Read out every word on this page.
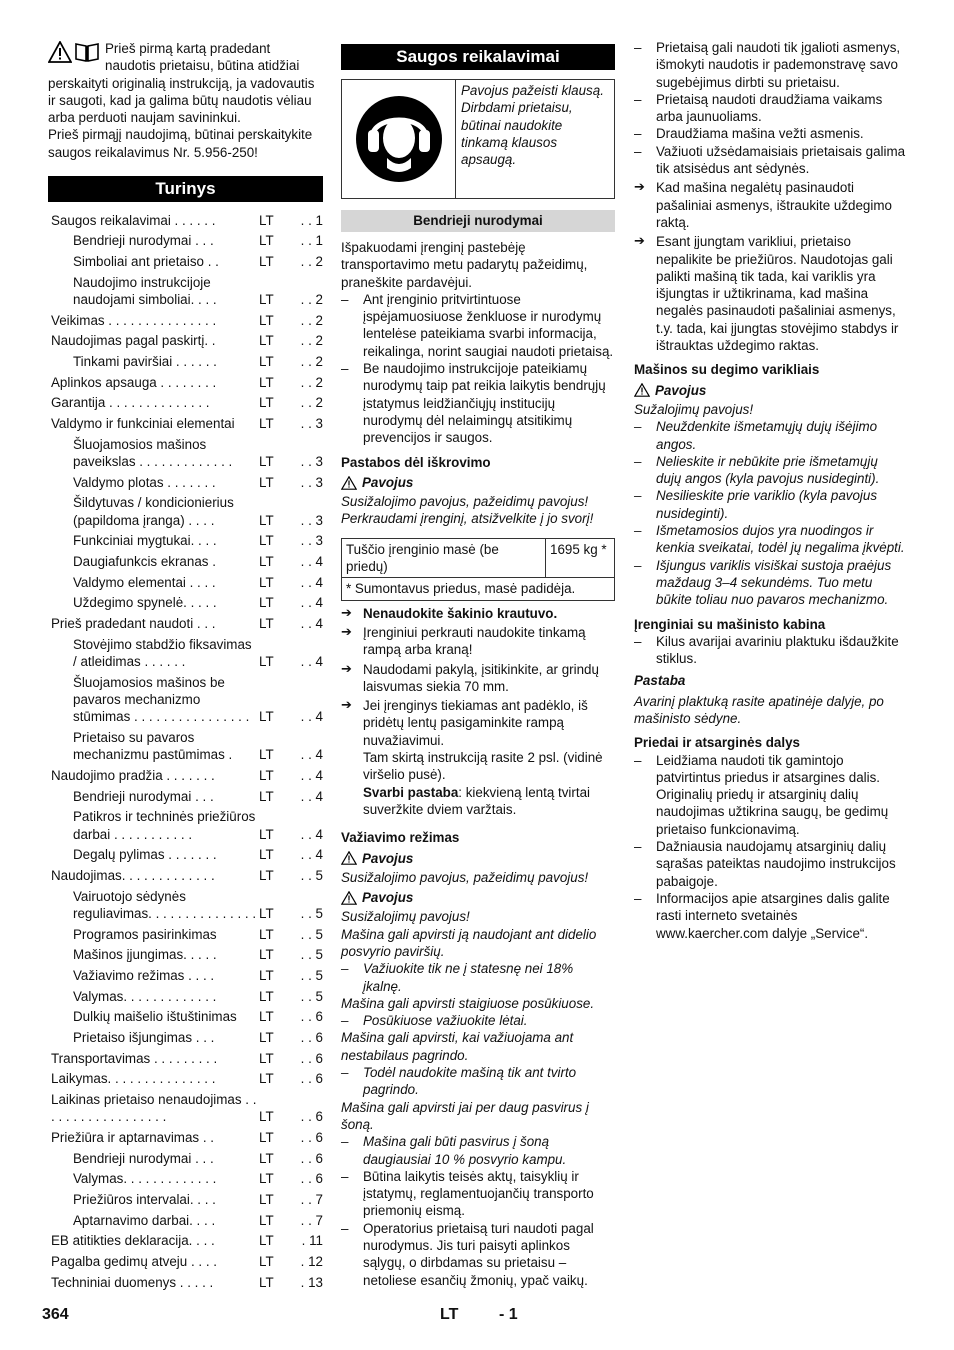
Prieš pirmą kartą pradedant naudotis prietaisu, būtina atidžiai perskaityti originalią instrukciją, ja vadovautis ir saugoti, kad ja galima būtų naudotis vėliau arba perduoti naujam savininkui.

Prieš pirmąjį naudojimą, būtinai perskaitykite saugos reikalavimus Nr. 5.956-250!

Turinys
Saugos reikalavimai . . . . . .	LT	. . 1
Bendrieji nurodymai . . .	LT	. . 1
Simboliai ant prietaiso . .	LT	. . 2
Naudojimo instrukcijoje naudojami simboliai. . . .	LT	. . 2
Veikimas . . . . . . . . . . . . . . .	LT	. . 2
Naudojimas pagal paskirtį. .	LT	. . 2
Tinkami paviršiai . . . . . .	LT	. . 2
Aplinkos apsauga . . . . . . . .	LT	. . 2
Garantija . . . . . . . . . . . . . .	LT	. . 2
Valdymo ir funkciniai elementai	LT	. . 3
Šluojamosios mašinos paveikslas . . . . . . . . . . . . .	LT	. . 3
Valdymo plotas . . . . . . .	LT	. . 3
Šildytuvas / kondicionierius (papildoma įranga) . . . .	LT	. . 3
Funkciniai mygtukai. . . .	LT	. . 3
Daugiafunkcis ekranas .	LT	. . 4
Valdymo elementai . . . .	LT	. . 4
Uždegimo spynelė. . . . .	LT	. . 4
Prieš pradedant naudoti . . .	LT	. . 4
Stovėjimo stabdžio fiksavimas / atleidimas . . . . . .	LT	. . 4
Šluojamosios mašinos be pavaros mechanizmo stūmimas . . . . . . . . . . . . . . . . LT	. . 4
Prietaiso su pavaros mechanizmu pastūmimas .	LT	. . 4
Naudojimo pradžia . . . . . . .	LT	. . 4
Bendrieji nurodymai . . .	LT	. . 4
Patikros ir techninės priežiūros darbai . . . . . . . . . . .	LT	. . 4
Degalų pylimas . . . . . . .	LT	. . 4
Naudojimas. . . . . . . . . . . . .	LT	. . 5
Vairuotojo sėdynės reguliavimas. . . . . . . . . . . . . . . LT	. . 5
Programos pasirinkimas	LT	. . 5
Mašinos įjungimas. . . . .	LT	. . 5
Važiavimo režimas . . . .	LT	. . 5
Valymas. . . . . . . . . . . . .	LT	. . 5
Dulkių maišelio ištuštinimas	LT	. . 6
Prietaiso išjungimas . . .	LT	. . 6
Transportavimas . . . . . . . . .	LT	. . 6
Laikymas. . . . . . . . . . . . . . .	LT	. . 6
Laikinas prietaiso nenaudojimas . . . . . . . . . . . . . . . . . .	LT	. . 6
Priežiūra ir aptarnavimas . .	LT	. . 6
Bendrieji nurodymai . . .	LT	. . 6
Valymas. . . . . . . . . . . . .	LT	. . 6
Priežiūros intervalai. . . .	LT	. . 7
Aptarnavimo darbai. . . .	LT	. . 7
EB atitikties deklaracija. . . .	LT	. 11
Pagalba gedimų atveju . . . .	LT	. 12
Techniniai duomenys . . . . .	LT	. 13
Saugos reikalavimai
Pavojus pažeisti klausą. Dirbdami prietaisu, būtinai naudokite tinkamą klausos apsaugą.
Bendrieji nurodymai

Išpakuodami įrenginį pastebėję transportavimo metu padarytų pažeidimų, praneškite pardavėjui.

– Ant įrenginio pritvirtintuose įspėjamuosiuose ženkluose ir nurodymų lentelėse pateikiama svarbi informacija, reikalinga, norint saugiai naudoti prietaisą.
– Be naudojimo instrukcijoje pateikiamų nurodymų taip pat reikia laikytis bendrųjų įstatymus leidžiančiųjų institucijų nurodymų dėl nelaimingų atsitikimų prevencijos ir saugos.

Pastabos dėl iškrovimo

Pavojus

Susižalojimo pavojus, pažeidimų pavojus! Perkraudami įrenginį, atsižvelkite į jo svorį!

Tuščio įrenginio masė (be priedų)	1695 kg *
* Sumontavus priedus, masė padidėja.
➔ Nenaudokite šakinio krautuvo.
➔ Įrenginiui perkrauti naudokite tinkamą rampą arba kraną!
➔ Naudodami pakylą, įsitikinkite, ar grindų laisvumas siekia 70 mm.
➔ Jei įrenginys tiekiamas ant padėklo, iš pridėtų lentų pasigaminkite rampą nuvažiavimui.

Tam skirtą instrukciją rasite 2 psl. (vidinė viršelio pusė).

Svarbi pastaba: kiekvieną lentą tvirtai suveržkite dviem varžtais.

Važiavimo režimas

Pavojus

Susižalojimo pavojus, pažeidimų pavojus!

Pavojus

Susižalojimų pavojus!

Mašina gali apvirsti ją naudojant ant didelio posvyrio paviršių.

– Važiuokite tik ne į statesnę nei 18% įkalnę.

Mašina gali apvirsti staigiuose posūkiuose.

– Posūkiuose važiuokite lėtai.

Mašina gali apvirsti, kai važiuojama ant nestabilaus pagrindo.

– Todėl naudokite mašiną tik ant tvirto pagrindo.

Mašina gali apvirsti jai per daug pasvirus į šoną.

– Mašina gali būti pasvirus į šoną daugiausiai 10 % posvyrio kampu.
– Būtina laikytis teisės aktų, taisyklių ir įstatymų, reglamentuojančių transporto priemonių eismą.
– Operatorius prietaisą turi naudoti pagal nurodymus. Jis turi paisyti aplinkos sąlygų, o dirbdamas su prietaisu – netoliese esančių žmonių, ypač vaikų.
– Prietaisą gali naudoti tik įgalioti asmenys, išmokyti naudotis ir pademonstravę savo sugebėjimus dirbti su prietaisu.
– Prietaisą naudoti draudžiama vaikams arba jaunuoliams.
– Draudžiama mašina vežti asmenis.
– Važiuoti užsėdamaisiais prietaisais galima tik atsisėdus ant sėdynės.
➔ Kad mašina negalėtų pasinaudoti pašaliniai asmenys, ištraukite uždegimo raktą.
➔ Esant įjungtam varikliui, prietaiso nepalikite be priežiūros. Naudotojas gali palikti mašiną tik tada, kai variklis yra išjungtas ir užtikrinama, kad mašina negalės pasinaudoti pašaliniai asmenys, t.y. tada, kai įjungtas stovėjimo stabdys ir ištrauktas uždegimo raktas.

Mašinos su degimo varikliais

Pavojus

Sužalojimų pavojus!

– Neuždenkite išmetamųjų dujų išėjimo angos.
– Nelieskite ir nebūkite prie išmetamųjų dujų angos (kyla pavojus nusideginti).
– Nesilieskite prie variklio (kyla pavojus nusideginti).
– Išmetamosios dujos yra nuodingos ir kenkia sveikatai, todėl jų negalima įkvėpti.
– Išjungus variklis visiškai sustoja praėjus maždaug 3–4 sekundėms. Tuo metu būkite toliau nuo pavaros mechanizmo.

Įrenginiai su mašinisto kabina

– Kilus avarijai avariniu plaktuku išdaužkite stiklus.

Pastaba

Avarinį plaktuką rasite apatinėje dalyje, po mašinisto sėdyne.

Priedai ir atsarginės dalys

– Leidžiama naudoti tik gamintojo patvirtintus priedus ir atsargines dalis. Originalių priedų ir atsarginių dalių naudojimas užtikrina saugų, be gedimų prietaiso funkcionavimą.
– Dažniausia naudojamų atsarginių dalių sąrašas pateiktas naudojimo instrukcijos pabaigoje.
– Informacijos apie atsargines dalis galite rasti interneto svetainės www.kaercher.com dalyje „Service“.
364	LT	- 1
